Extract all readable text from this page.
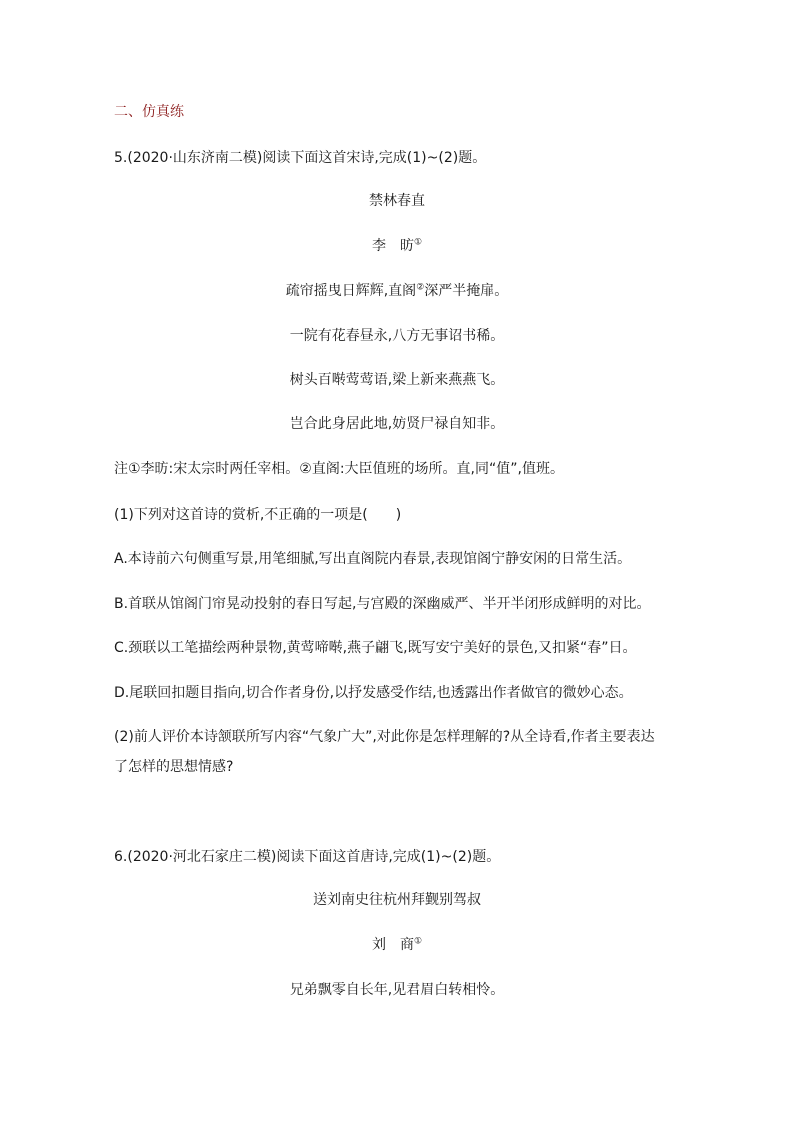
二、仿真练
5.(2020·山东济南二模)阅读下面这首宋诗,完成(1)~(2)题。
禁林春直
李　昉①
疏帘摇曳日辉辉,直阁②深严半掩扉。
一院有花春昼永,八方无事诏书稀。
树头百啭莺莺语,梁上新来燕燕飞。
岂合此身居此地,妨贤尸禄自知非。
注①李昉:宋太宗时两任宰相。②直阁:大臣值班的场所。直,同“值”,值班。
(1)下列对这首诗的赏析,不正确的一项是(　　)
A.本诗前六句侧重写景,用笔细腻,写出直阁院内春景,表现馆阁宁静安闲的日常生活。
B.首联从馆阁门帘晃动投射的春日写起,与宫殿的深幽威严、半开半闭形成鲜明的对比。
C.颈联以工笔描绘两种景物,黄莺啼啭,燕子翩飞,既写安宁美好的景色,又扣紧“春”日。
D.尾联回扣题目指向,切合作者身份,以抒发感受作结,也透露出作者做官的微妙心态。
(2)前人评价本诗颔联所写内容“气象广大”,对此你是怎样理解的?从全诗看,作者主要表达
了怎样的思想情感?
6.(2020·河北石家庄二模)阅读下面这首唐诗,完成(1)~(2)题。
送刘南史往杭州拜觐别驾叔
刘　商①
兄弟飘零自长年,见君眉白转相怜。
